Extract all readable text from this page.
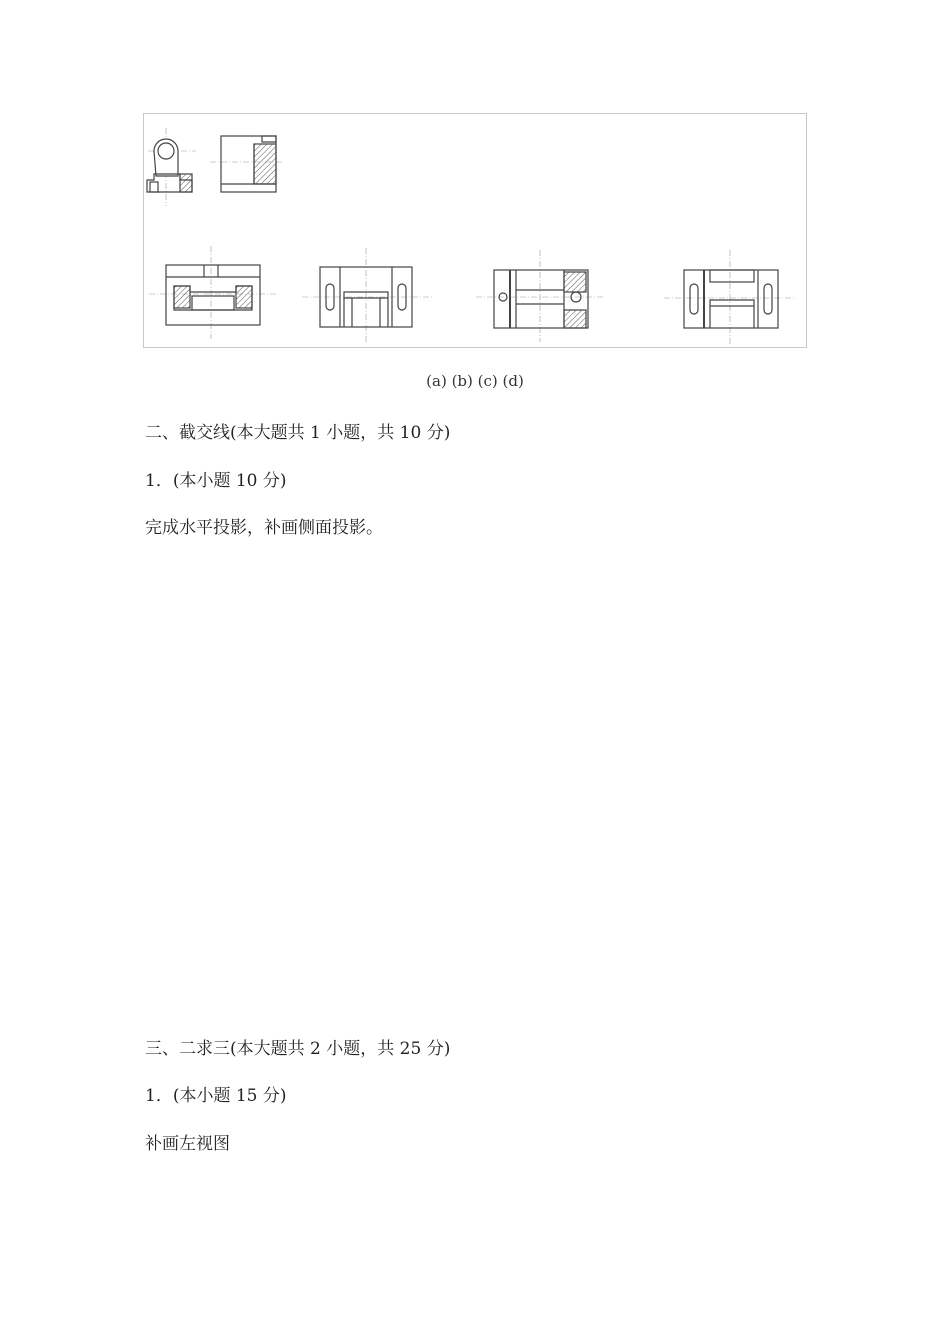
(a) (b) (c) (d)
二、截交线(本大题共 1 小题，共 10 分)
1．(本小题 10 分)
完成水平投影，补画侧面投影。
三、二求三(本大题共 2 小题，共 25 分)
1．(本小题 15 分)
补画左视图
